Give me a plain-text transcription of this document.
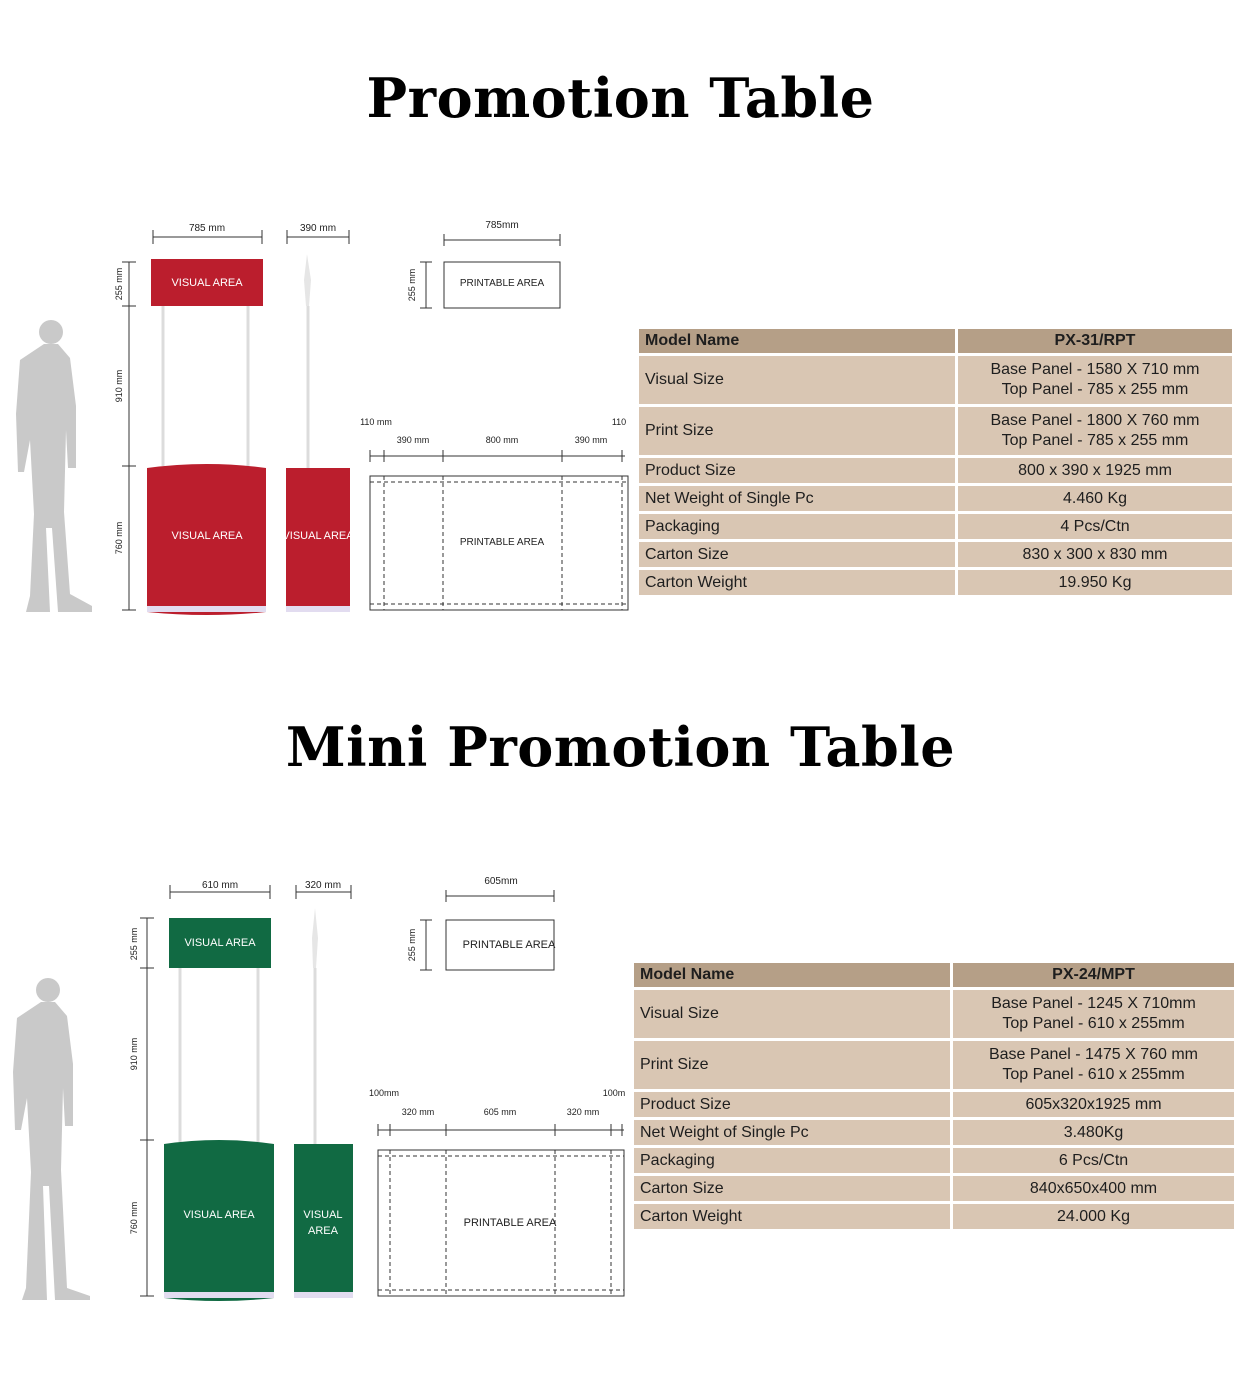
Promotion Table
785 mm	390 mm
255 mm
910 mm
760 mm
VISUAL AREA
VISUAL AREA	VISUAL AREA
785mm
255 mm	PRINTABLE AREA
110 mm	110
390 mm	800 mm	390 mm
PRINTABLE AREA
Model Name	PX-31/RPT
Visual Size	Base Panel - 1580 X 710 mm
Top Panel - 785 x 255 mm

Print Size	Base Panel - 1800 X 760 mm
Top Panel - 785 x 255 mm

Product Size	800 x 390 x 1925 mm
Net Weight of Single Pc	4.460 Kg
Packaging	4 Pcs/Ctn
Carton Size	830 x 300 x 830 mm
Carton Weight	19.950 Kg
Mini Promotion Table
610 mm	320 mm
255 mm
910 mm
760 mm
VISUAL AREA
VISUAL AREA	VISUAL
AREA
605mm
255 mm	PRINTABLE AREA
100mm	100m
320 mm	605 mm	320 mm
PRINTABLE AREA
Model Name	PX-24/MPT
Visual Size	Base Panel - 1245 X 710mm
Top Panel - 610 x 255mm

Print Size	Base Panel - 1475 X 760 mm
Top Panel - 610 x 255mm

Product Size	605x320x1925 mm
Net Weight of Single Pc	3.480Kg
Packaging	6 Pcs/Ctn
Carton Size	840x650x400 mm
Carton Weight	24.000 Kg
